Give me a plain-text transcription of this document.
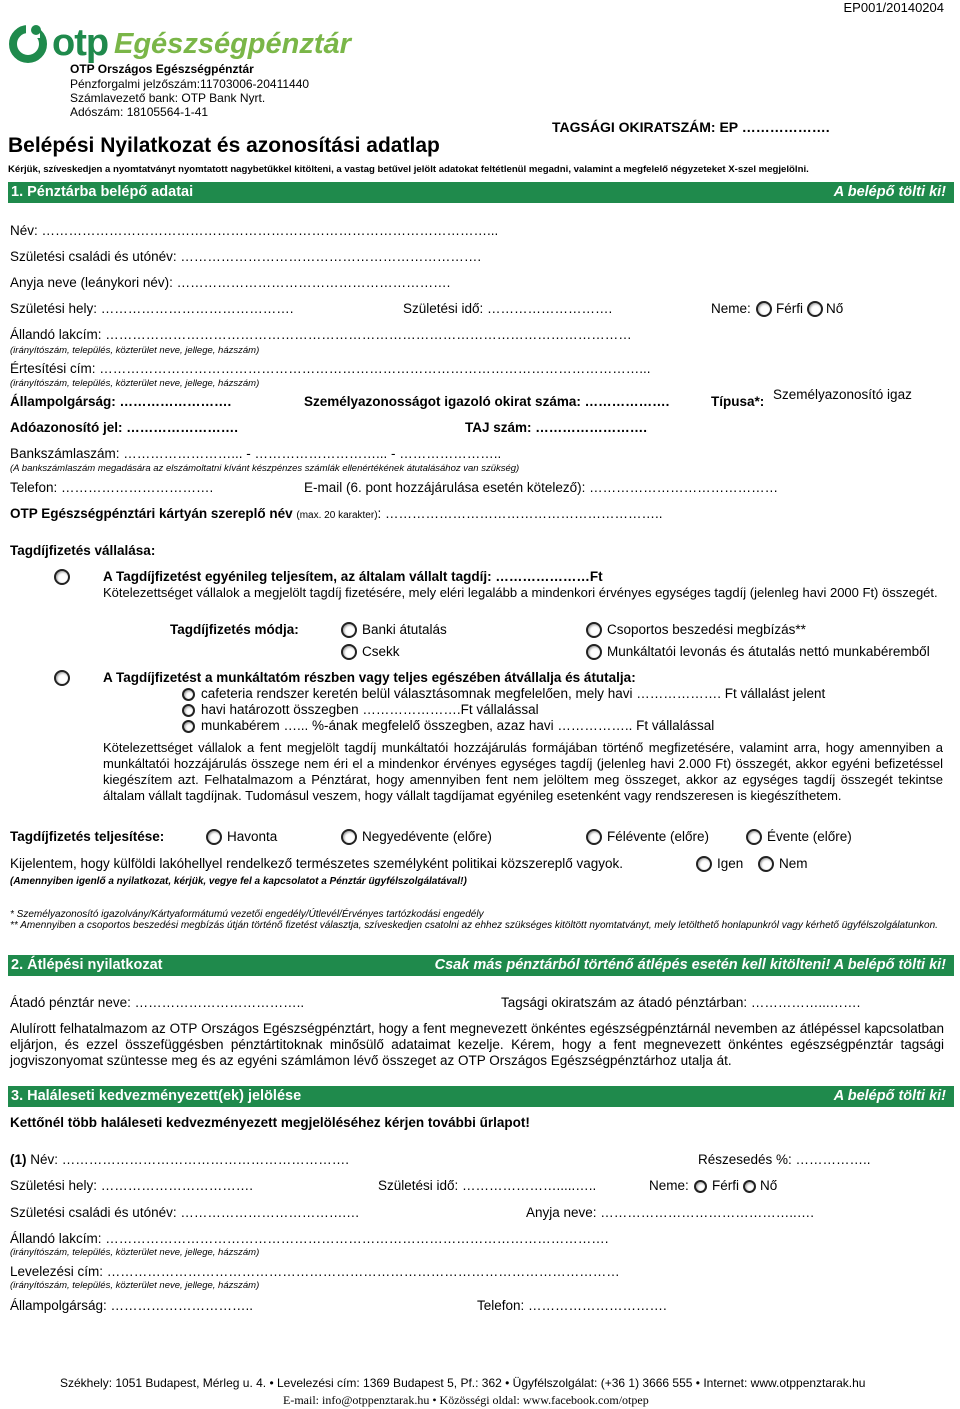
EP001/20140204
otp Egészségpénztár
OTP Országos Egészségpénztár
Pénzforgalmi jelzőszám:11703006-20411440
Számlavezető bank: OTP Bank Nyrt.
Adószám: 18105564-1-41
Belépési Nyilatkozat és azonosítási adatlap
TAGSÁGI OKIRATSZÁM: EP ……………….
Kérjük, szíveskedjen a nyomtatványt nyomtatott nagybetűkkel kitölteni, a vastag betűvel jelölt adatokat feltétlenül megadni, valamint a megfelelő négyzeteket X-szel megjelölni.
1. Pénztárba belépő adatai	A belépő tölti ki!
Név: ………………………………………………………………………………………...
Születési családi és utónév: ………………………………………………………….
Anyja neve (leánykori név): …………………………………………………….
Születési hely: …………………………………….	Születési idő: ……………………….	Neme: Férfi Nő
Állandó lakcím: ………………………………………………………………………………………………………
(irányítószám, település, közterület neve, jellege, házszám)
Értesítési cím: …………………………………………………………………………………………………………...
(irányítószám, település, közterület neve, jellege, házszám)
Állampolgárság: …………………….	Személyazonosságot igazoló okirat száma: ……………….	Típusa*: Személyazonosító igaz
Adóazonosító jel: …………………….	TAJ szám: …………………….
Bankszámlaszám: ……………………... - ………………………... - …………………..
(A bankszámlaszám megadására az elszámoltatni kívánt készpénzes számlák ellenértékének átutalásához van szükség)
Telefon: …………………………….	E-mail (6. pont hozzájárulása esetén kötelező): ……………………………………
OTP Egészségpénztári kártyán szereplő név (max. 20 karakter): ……………………………………………………..
Tagdíjfizetés vállalása:
A Tagdíjfizetést egyénileg teljesítem, az általam vállalt tagdíj: …………………Ft
Kötelezettséget vállalok a megjelölt tagdíj fizetésére, mely eléri legalább a mindenkori érvényes egységes tagdíj (jelenleg havi 2000 Ft) összegét.
Tagdíjfizetés módja:	Banki átutalás	Csoportos beszedési megbízás**
Csekk	Munkáltatói levonás és átutalás nettó munkabéremből
A Tagdíjfizetést a munkáltatóm részben vagy teljes egészében átvállalja és átutalja:
cafeteria rendszer keretén belül választásomnak megfelelően, mely havi ………………. Ft vállalást jelent
havi határozott összegben ………………….Ft vállalással
munkabérem …... %-ának megfelelő összegben, azaz havi …………….. Ft vállalással
Kötelezettséget vállalok a fent megjelölt tagdíj munkáltatói hozzájárulás formájában történő megfizetésére, valamint arra, hogy amennyiben a munkáltatói hozzájárulás összege nem éri el a mindenkor érvényes egységes tagdíj (jelenleg havi 2.000 Ft) összegét, akkor egyéni befizetéssel kiegészítem azt. Felhatalmazom a Pénztárat, hogy amennyiben fent nem jelöltem meg összeget, akkor az egységes tagdíj összegét tekintse általam vállalt tagdíjnak. Tudomásul veszem, hogy vállalt tagdíjamat egyénileg esetenként vagy rendszeresen is kiegészíthetem.
Tagdíjfizetés teljesítése:	Havonta	Negyedévente (előre)	Félévente (előre)	Évente (előre)
Kijelentem, hogy külföldi lakóhellyel rendelkező természetes személyként politikai közszereplő vagyok.	Igen	Nem
(Amennyiben igenlő a nyilatkozat, kérjük, vegye fel a kapcsolatot a Pénztár ügyfélszolgálatával!)
* Személyazonosító igazolvány/Kártyaformátumú vezetői engedély/Útlevél/Érvényes tartózkodási engedély
** Amennyiben a csoportos beszedési megbízás útján történő fizetést választja, szíveskedjen csatolni az ehhez szükséges kitöltött nyomtatványt, mely letölthető honlapunkról vagy kérhető ügyfélszolgálatunkon.
2. Átlépési nyilatkozat	Csak más pénztárból történő átlépés esetén kell kitölteni! A belépő tölti ki!
Átadó pénztár neve: ………………………………..	Tagsági okiratszám az átadó pénztárban: ……………...…….
Alulírott felhatalmazom az OTP Országos Egészségpénztárt, hogy a fent megnevezett önkéntes egészségpénztárnál nevemben az átlépéssel kapcsolatban eljárjon, és ezzel összefüggésben pénztártitoknak minősülő adataimat kezelje. Kérem, hogy a fent megnevezett önkéntes egészségpénztár tagsági jogviszonyomat szüntesse meg és az egyéni számlámon lévő összeget az OTP Országos Egészségpénztárhoz utalja át.
3. Haláleseti kedvezményezett(ek) jelölése	A belépő tölti ki!
Kettőnél több haláleseti kedvezményezett megjelöléséhez kérjen további űrlapot!
(1) Név: ……………………………………………………….	Részesedés %: ……………..
Születési hely: …………………………….	Születési idő: ………………….....…..	Neme: Férfi Nő
Születési családi és utónév: ……………………………….…	Anyja neve: ……………………………………..….
Állandó lakcím: ………………………………………………………………………………………………….
(irányítószám, település, közterület neve, jellege, házszám)
Levelezési cím: ……………………………………………………………………………………………………
(irányítószám, település, közterület neve, jellege, házszám)
Állampolgárság: …………………………..	Telefon: ………………………….
Székhely: 1051 Budapest, Mérleg u. 4. • Levelezési cím: 1369 Budapest 5, Pf.: 362 • Ügyfélszolgálat: (+36 1) 3666 555 • Internet: www.otppenztarak.hu
E-mail: info@otppenztarak.hu • Közösségi oldal: www.facebook.com/otpep
